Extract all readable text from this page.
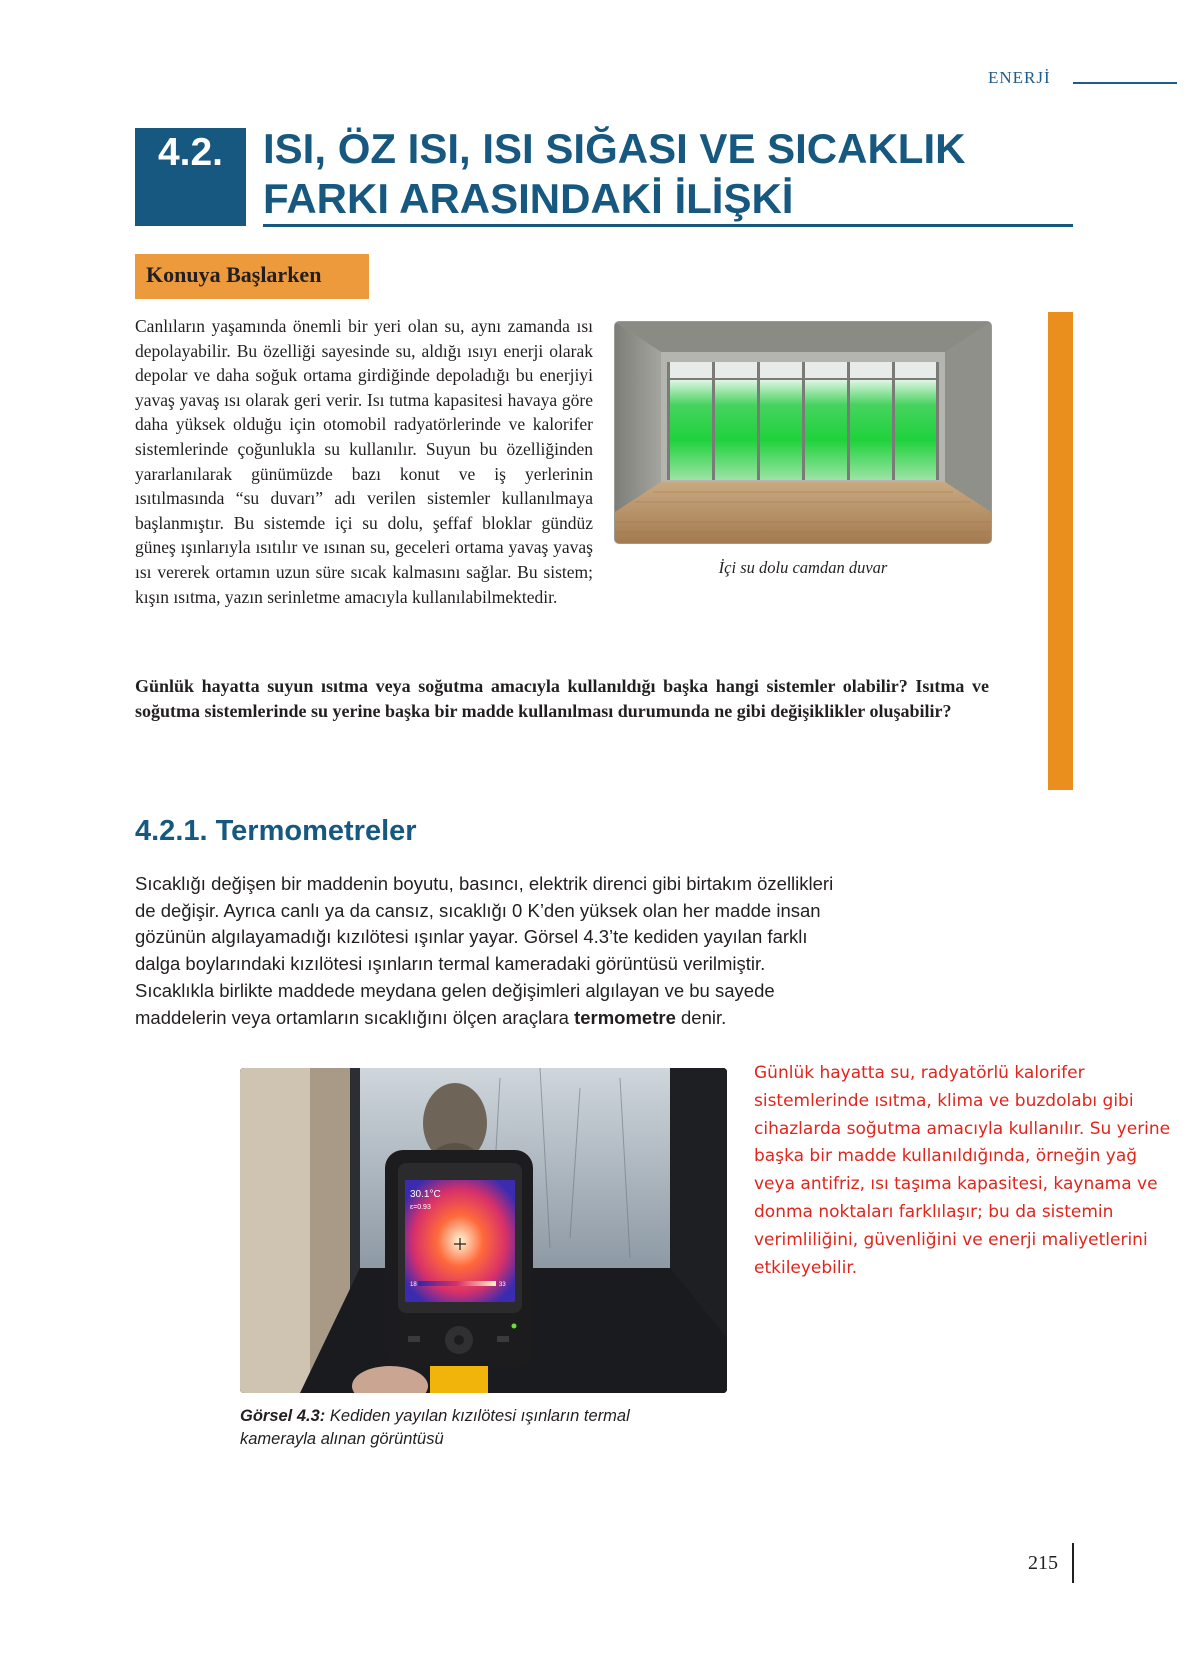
ENERJİ
4.2. ISI, ÖZ ISI, ISI SIĞASI VE SICAKLIK FARKI ARASINDAKİ İLİŞKİ
Konuya Başlarken
Canlıların yaşamında önemli bir yeri olan su, aynı zamanda ısı depolayabilir. Bu özelliği sayesinde su, aldığı ısıyı enerji olarak depolar ve daha soğuk ortama girdiğinde depoladığı bu enerjiyi yavaş yavaş ısı olarak geri verir. Isı tutma kapasitesi havaya göre daha yüksek olduğu için otomobil radyatörlerinde ve kalorifer sistemlerinde çoğunlukla su kullanılır. Suyun bu özelliğinden yararlanılarak günümüzde bazı konut ve iş yerlerinin ısıtılmasında “su duvarı” adı verilen sistemler kullanılmaya başlanmıştır. Bu sistemde içi su dolu, şeffaf bloklar gündüz güneş ışınlarıyla ısıtılır ve ısınan su, geceleri ortama yavaş yavaş ısı vererek ortamın uzun süre sıcak kalmasını sağlar. Bu sistem; kışın ısıtma, yazın serinletme amacıyla kullanılabilmektedir.
İçi su dolu camdan duvar
Günlük hayatta suyun ısıtma veya soğutma amacıyla kullanıldığı başka hangi sistemler olabilir? Isıtma ve soğutma sistemlerinde su yerine başka bir madde kullanılması durumunda ne gibi değişiklikler oluşabilir?
4.2.1. Termometreler
Sıcaklığı değişen bir maddenin boyutu, basıncı, elektrik direnci gibi birtakım özellikleri de değişir. Ayrıca canlı ya da cansız, sıcaklığı 0 K’den yüksek olan her madde insan gözünün algılayamadığı kızılötesi ışınlar yayar. Görsel 4.3’te kediden yayılan farklı dalga boylarındaki kızılötesi ışınların termal kameradaki görüntüsü verilmiştir. Sıcaklıkla birlikte maddede meydana gelen değişimleri algılayan ve bu sayede maddelerin veya ortamların sıcaklığını ölçen araçlara termometre denir.
30.1°C
ε=0.93
18	33
Görsel 4.3: Kediden yayılan kızılötesi ışınların termal kamerayla alınan görüntüsü
Günlük hayatta su, radyatörlü kalorifer sistemlerinde ısıtma, klima ve buzdolabı gibi cihazlarda soğutma amacıyla kullanılır. Su yerine başka bir madde kullanıldığında, örneğin yağ veya antifriz, ısı taşıma kapasitesi, kaynama ve donma noktaları farklılaşır; bu da sistemin verimliliğini, güvenliğini ve enerji maliyetlerini etkileyebilir.
215
